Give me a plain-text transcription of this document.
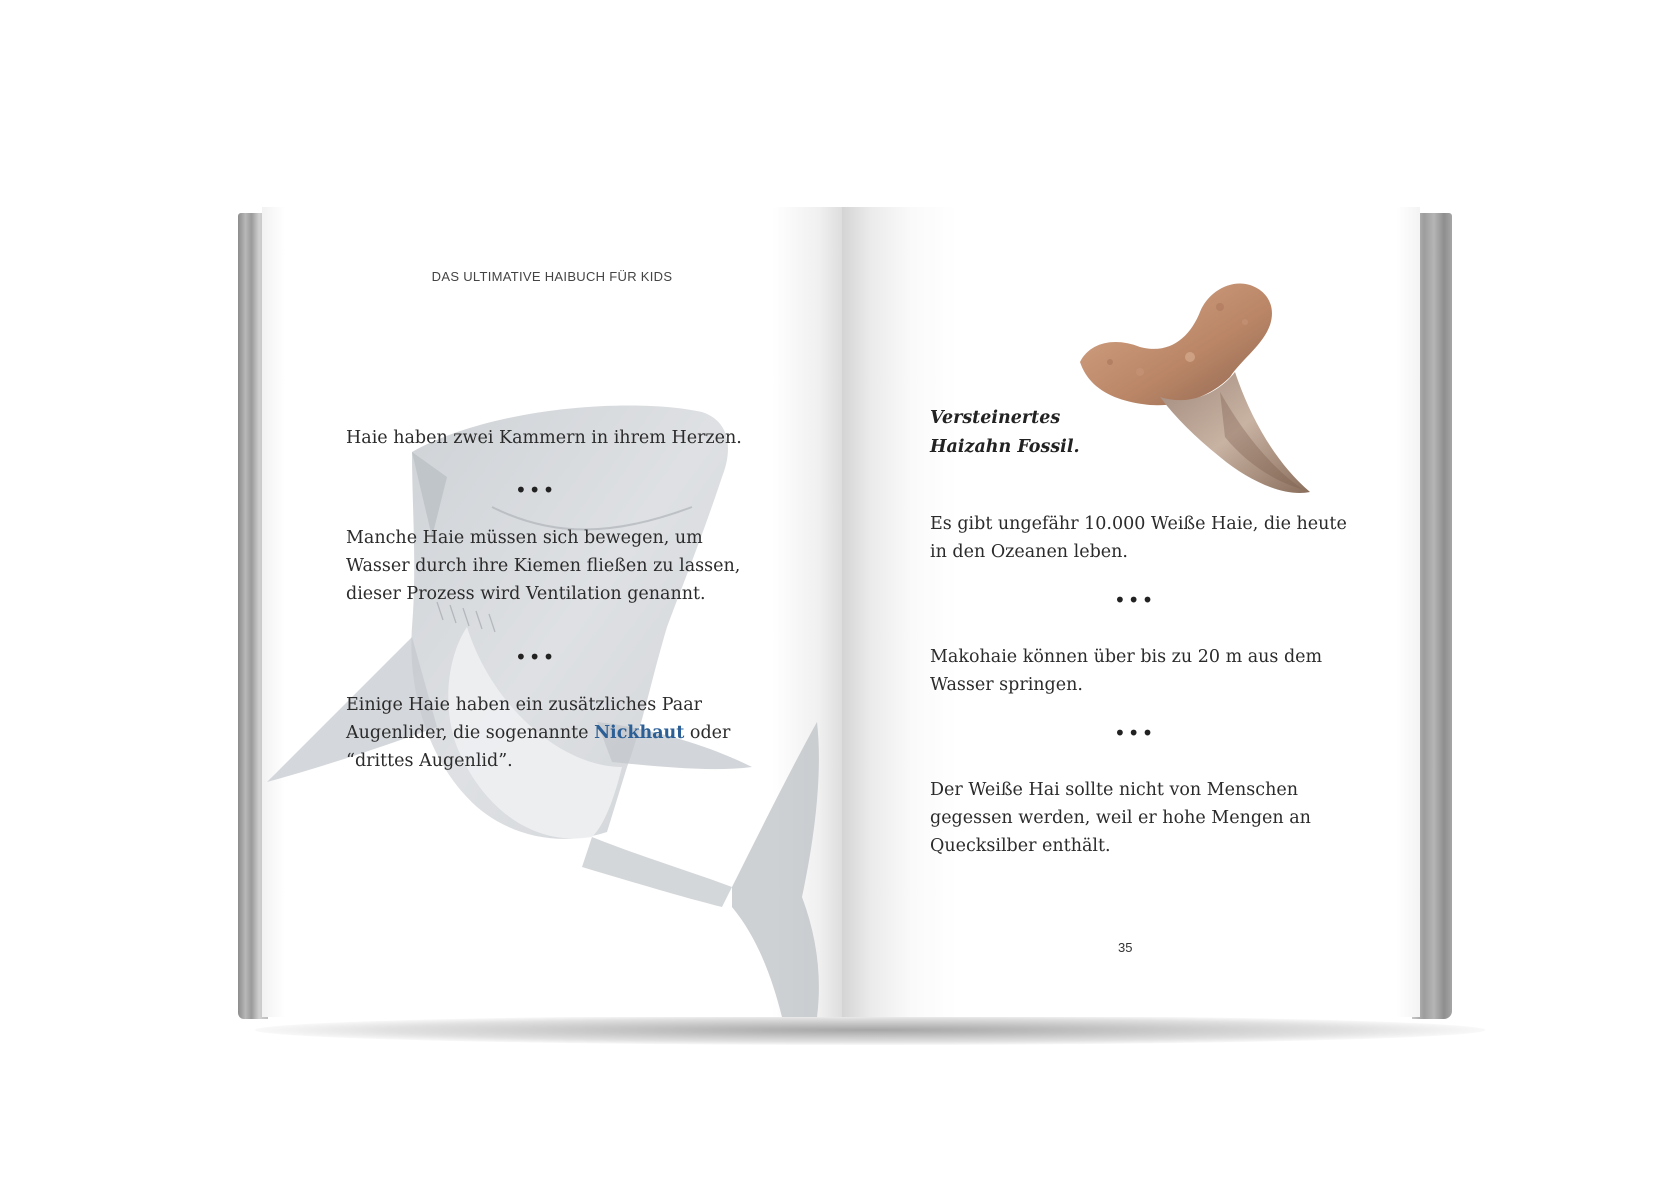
DAS ULTIMATIVE HAIBUCH FÜR KIDS

Haie haben zwei Kammern in ihrem Herzen.

•••

Manche Haie müssen sich bewegen, um
Wasser durch ihre Kiemen fließen zu lassen,
dieser Prozess wird Ventilation genannt.

•••

Einige Haie haben ein zusätzliches Paar
Augenlider, die sogenannte Nickhaut oder
“drittes Augenlid”.

Versteinertes
Haizahn Fossil.

Es gibt ungefähr 10.000 Weiße Haie, die heute
in den Ozeanen leben.

•••

Makohaie können über bis zu 20 m aus dem
Wasser springen.

•••

Der Weiße Hai sollte nicht von Menschen
gegessen werden, weil er hohe Mengen an
Quecksilber enthält.

35
